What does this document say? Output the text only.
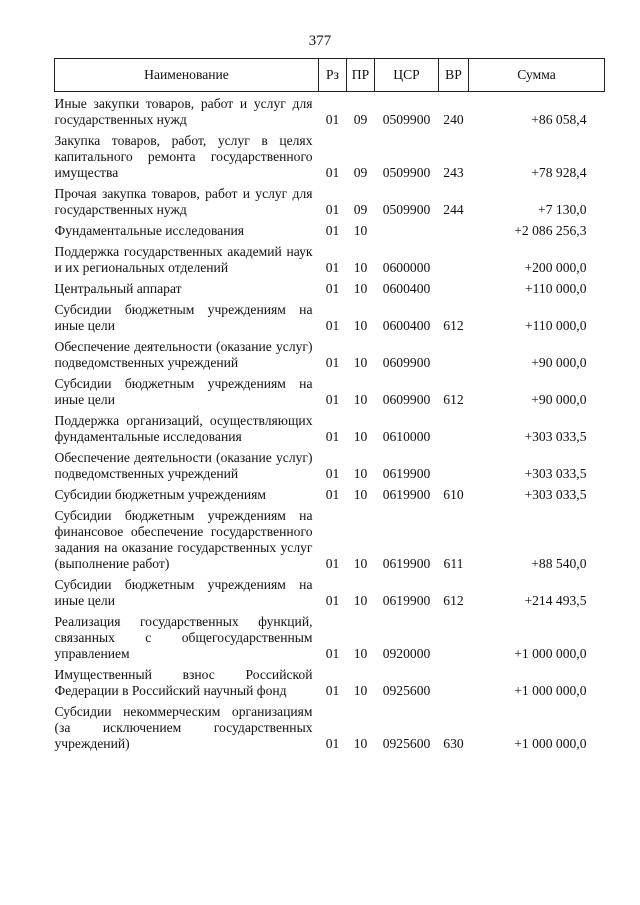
377
Наименование	Рз	ПР	ЦСР	ВР	Сумма
Иные закупки товаров, работ и услуг для государственных нужд	01	09	0509900	240	+86 058,4

Закупка товаров, работ, услуг в целях капитального ремонта государственного имущества	01	09	0509900	243	+78 928,4

Прочая закупка товаров, работ и услуг для государственных нужд	01	09	0509900	244	+7 130,0

Фундаментальные исследования	01	10			+2 086 256,3

Поддержка государственных академий наук и их региональных отделений	01	10	0600000		+200 000,0

Центральный аппарат	01	10	0600400		+110 000,0

Субсидии бюджетным учреждениям на иные цели	01	10	0600400	612	+110 000,0

Обеспечение деятельности (оказание услуг) подведомственных учреждений	01	10	0609900		+90 000,0

Субсидии бюджетным учреждениям на иные цели	01	10	0609900	612	+90 000,0

Поддержка организаций, осуществляющих фундаментальные исследования	01	10	0610000		+303 033,5

Обеспечение деятельности (оказание услуг) подведомственных учреждений	01	10	0619900		+303 033,5

Субсидии бюджетным учреждениям	01	10	0619900	610	+303 033,5

Субсидии бюджетным учреждениям на финансовое обеспечение государственного задания на оказание государственных услуг (выполнение работ)	01	10	0619900	611	+88 540,0

Субсидии бюджетным учреждениям на иные цели	01	10	0619900	612	+214 493,5

Реализация государственных функций, связанных с общегосударственным управлением	01	10	0920000		+1 000 000,0

Имущественный взнос Российской Федерации в Российский научный фонд	01	10	0925600		+1 000 000,0

Субсидии некоммерческим организациям (за исключением государственных учреждений)	01	10	0925600	630	+1 000 000,0
